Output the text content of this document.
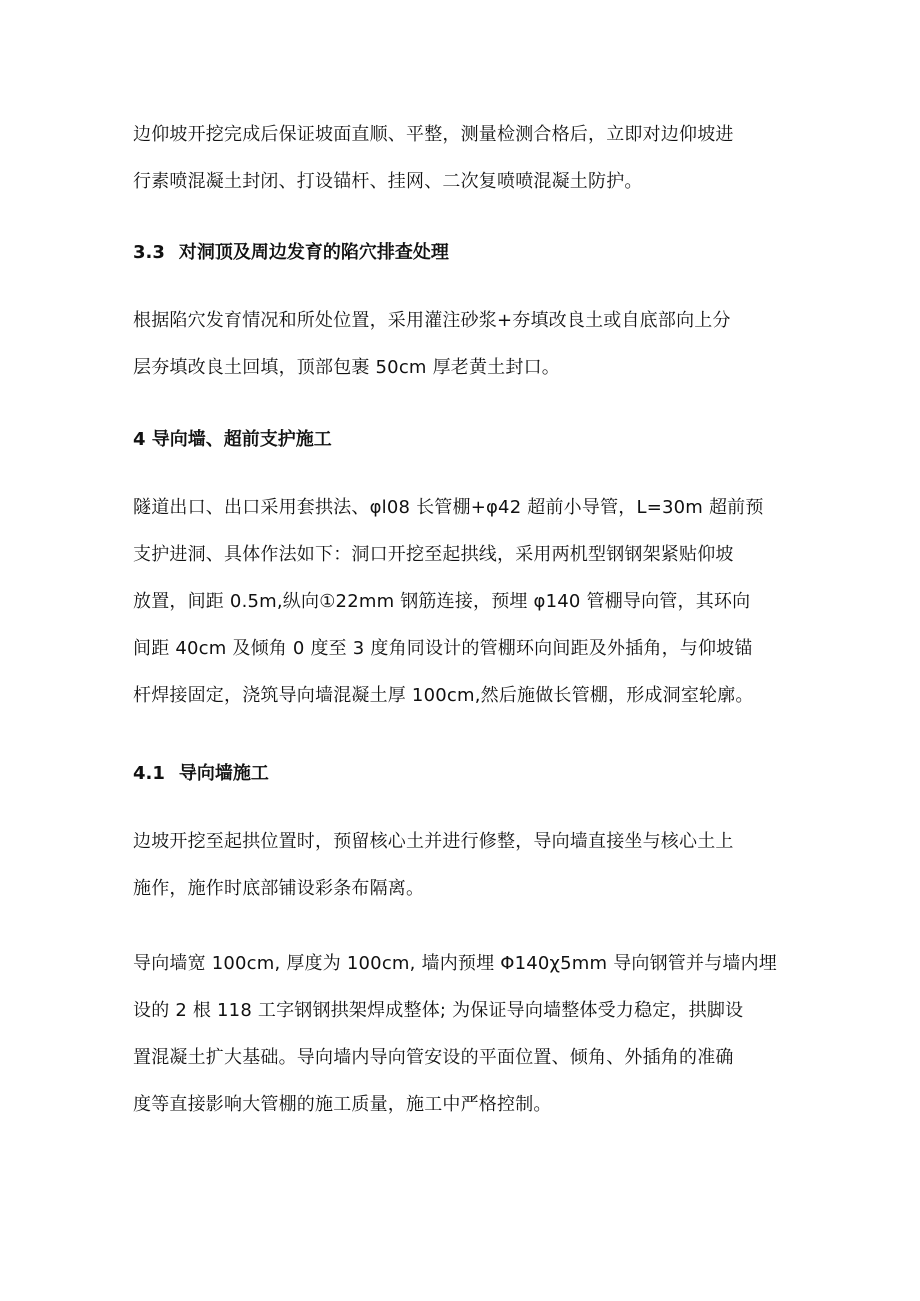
边仰坡开挖完成后保证坡面直顺、平整，测量检测合格后，立即对边仰坡进
行素喷混凝土封闭、打设锚杆、挂网、二次复喷喷混凝土防护。

3.3 对洞顶及周边发育的陷穴排查处理

根据陷穴发育情况和所处位置，采用灌注砂浆+夯填改良土或自底部向上分
层夯填改良土回填，顶部包裹 50cm 厚老黄土封口。

4 导向墙、超前支护施工

隧道出口、出口采用套拱法、φl08 长管棚+φ42 超前小导管，L=30m 超前预
支护进洞、具体作法如下：洞口开挖至起拱线，采用两机型钢钢架紧贴仰坡
放置，间距 0.5m,纵向①22mm 钢筋连接，预埋 φ140 管棚导向管，其环向
间距 40cm 及倾角 0 度至 3 度角同设计的管棚环向间距及外插角，与仰坡锚
杆焊接固定，浇筑导向墙混凝土厚 100cm,然后施做长管棚，形成洞室轮廓。

4.1 导向墙施工

边坡开挖至起拱位置时，预留核心土并进行修整，导向墙直接坐与核心土上
施作，施作时底部铺设彩条布隔离。

导向墙宽 100cm, 厚度为 100cm, 墙内预埋 Φ140χ5mm 导向钢管并与墙内埋
设的 2 根 118 工字钢钢拱架焊成整体; 为保证导向墙整体受力稳定，拱脚设
置混凝土扩大基础。导向墙内导向管安设的平面位置、倾角、外插角的准确
度等直接影响大管棚的施工质量，施工中严格控制。
